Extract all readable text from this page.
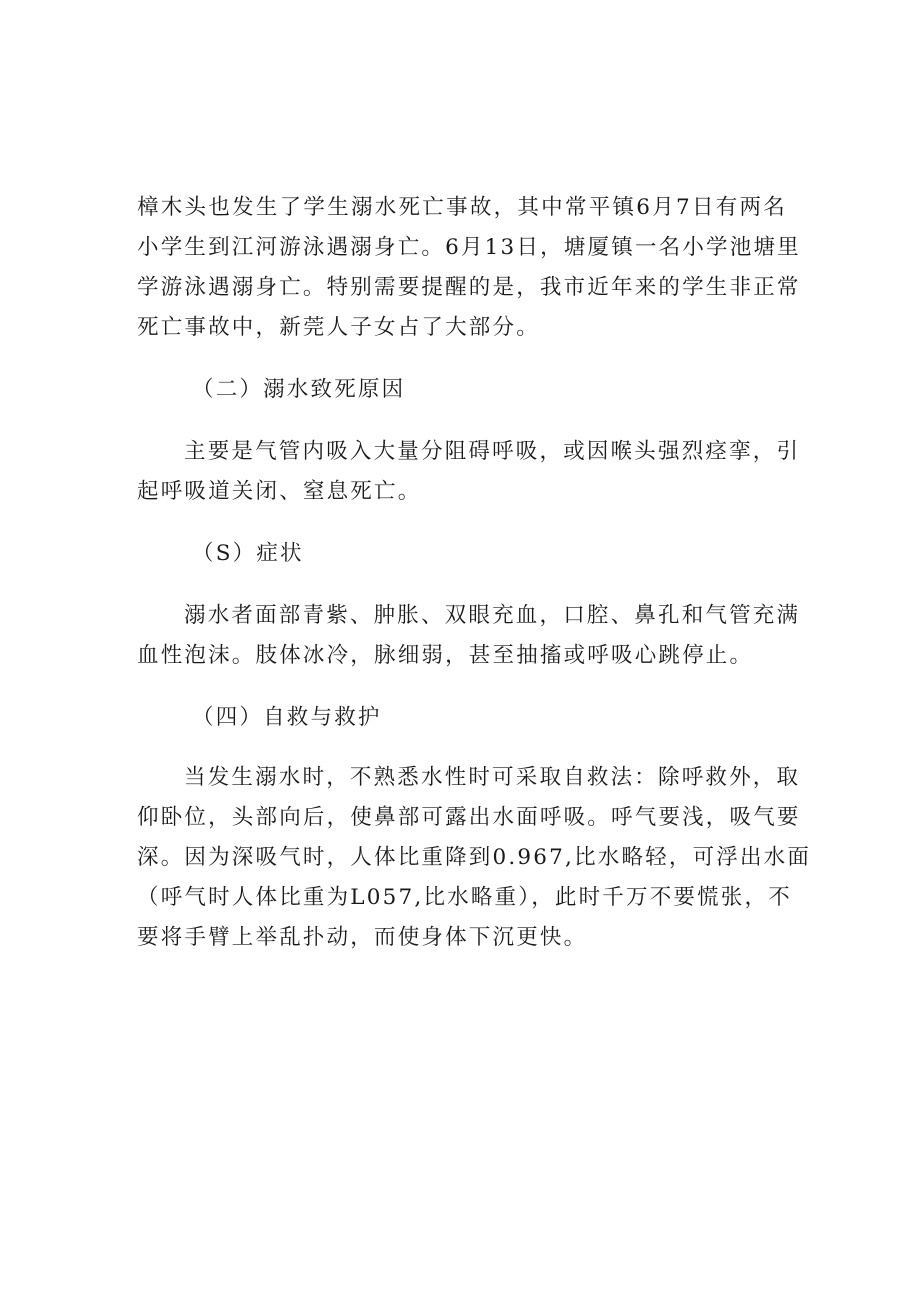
樟木头也发生了学生溺水死亡事故，其中常平镇6月7日有两名
小学生到江河游泳遇溺身亡。6月13日，塘厦镇一名小学池塘里
学游泳遇溺身亡。特别需要提醒的是，我市近年来的学生非正常
死亡事故中，新莞人子女占了大部分。
（二）溺水致死原因
主要是气管内吸入大量分阻碍呼吸，或因喉头强烈痉挛，引
起呼吸道关闭、窒息死亡。
（S）症状
溺水者面部青紫、肿胀、双眼充血，口腔、鼻孔和气管充满
血性泡沫。肢体冰冷，脉细弱，甚至抽搐或呼吸心跳停止。
（四）自救与救护
当发生溺水时，不熟悉水性时可采取自救法：除呼救外，取
仰卧位，头部向后，使鼻部可露出水面呼吸。呼气要浅，吸气要
深。因为深吸气时，人体比重降到0.967,比水略轻，可浮出水面
（呼气时人体比重为L057,比水略重），此时千万不要慌张，不
要将手臂上举乱扑动，而使身体下沉更快。
